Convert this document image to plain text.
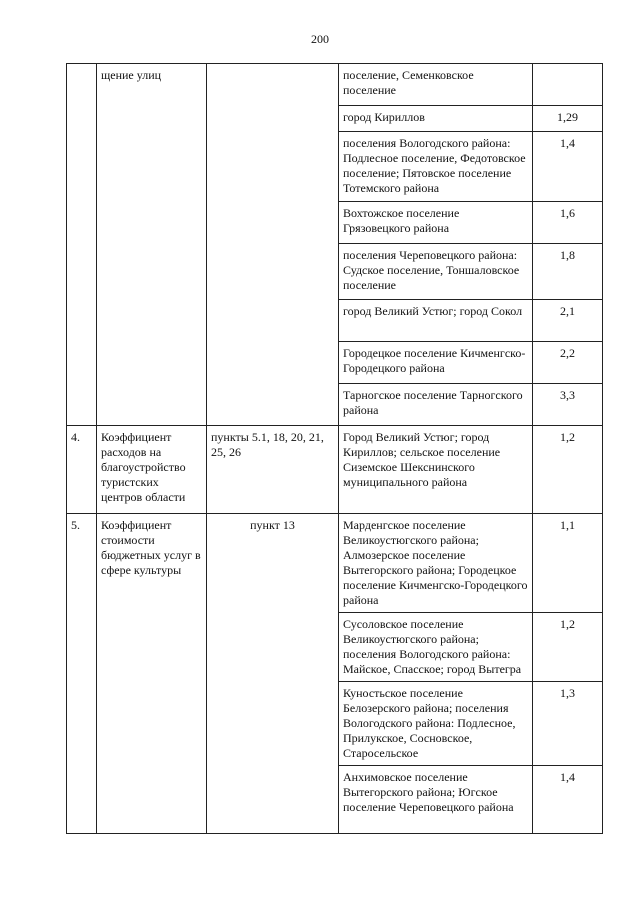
200
	щение улиц		поселение, Семенковское поселение	
			город Кириллов	1,29
			поселения Вологодского района: Подлесное поселение, Федотовское поселение; Пятовское поселение Тотемского района	1,4
			Вохтожское поселение Грязовецкого района	1,6
			поселения Череповецкого района: Судское поселение, Тоншаловское поселение	1,8
			город Великий Устюг; город Сокол	2,1
			Городецкое поселение Кичменгско-Городецкого района	2,2
			Тарногское поселение Тарногского района	3,3
4.	Коэффициент расходов на благоустройство туристских центров области	пункты 5.1, 18, 20, 21, 25, 26	Город Великий Устюг; город Кириллов; сельское поселение Сиземское Шекснинского муниципального района	1,2
5.	Коэффициент стоимости бюджетных услуг в сфере культуры	пункт 13	Марденгское поселение Великоустюгского района; Алмозерское поселение Вытегорского района; Городецкое поселение Кичменгско-Городецкого района	1,1
			Сусоловское поселение Великоустюгского района; поселения Вологодского района: Майское, Спасское; город Вытегра	1,2
			Куностьское поселение Белозерского района; поселения Вологодского района: Подлесное, Прилукское, Сосновское, Старосельское	1,3
			Анхимовское поселение Вытегорского района; Югское поселение Череповецкого района	1,4
